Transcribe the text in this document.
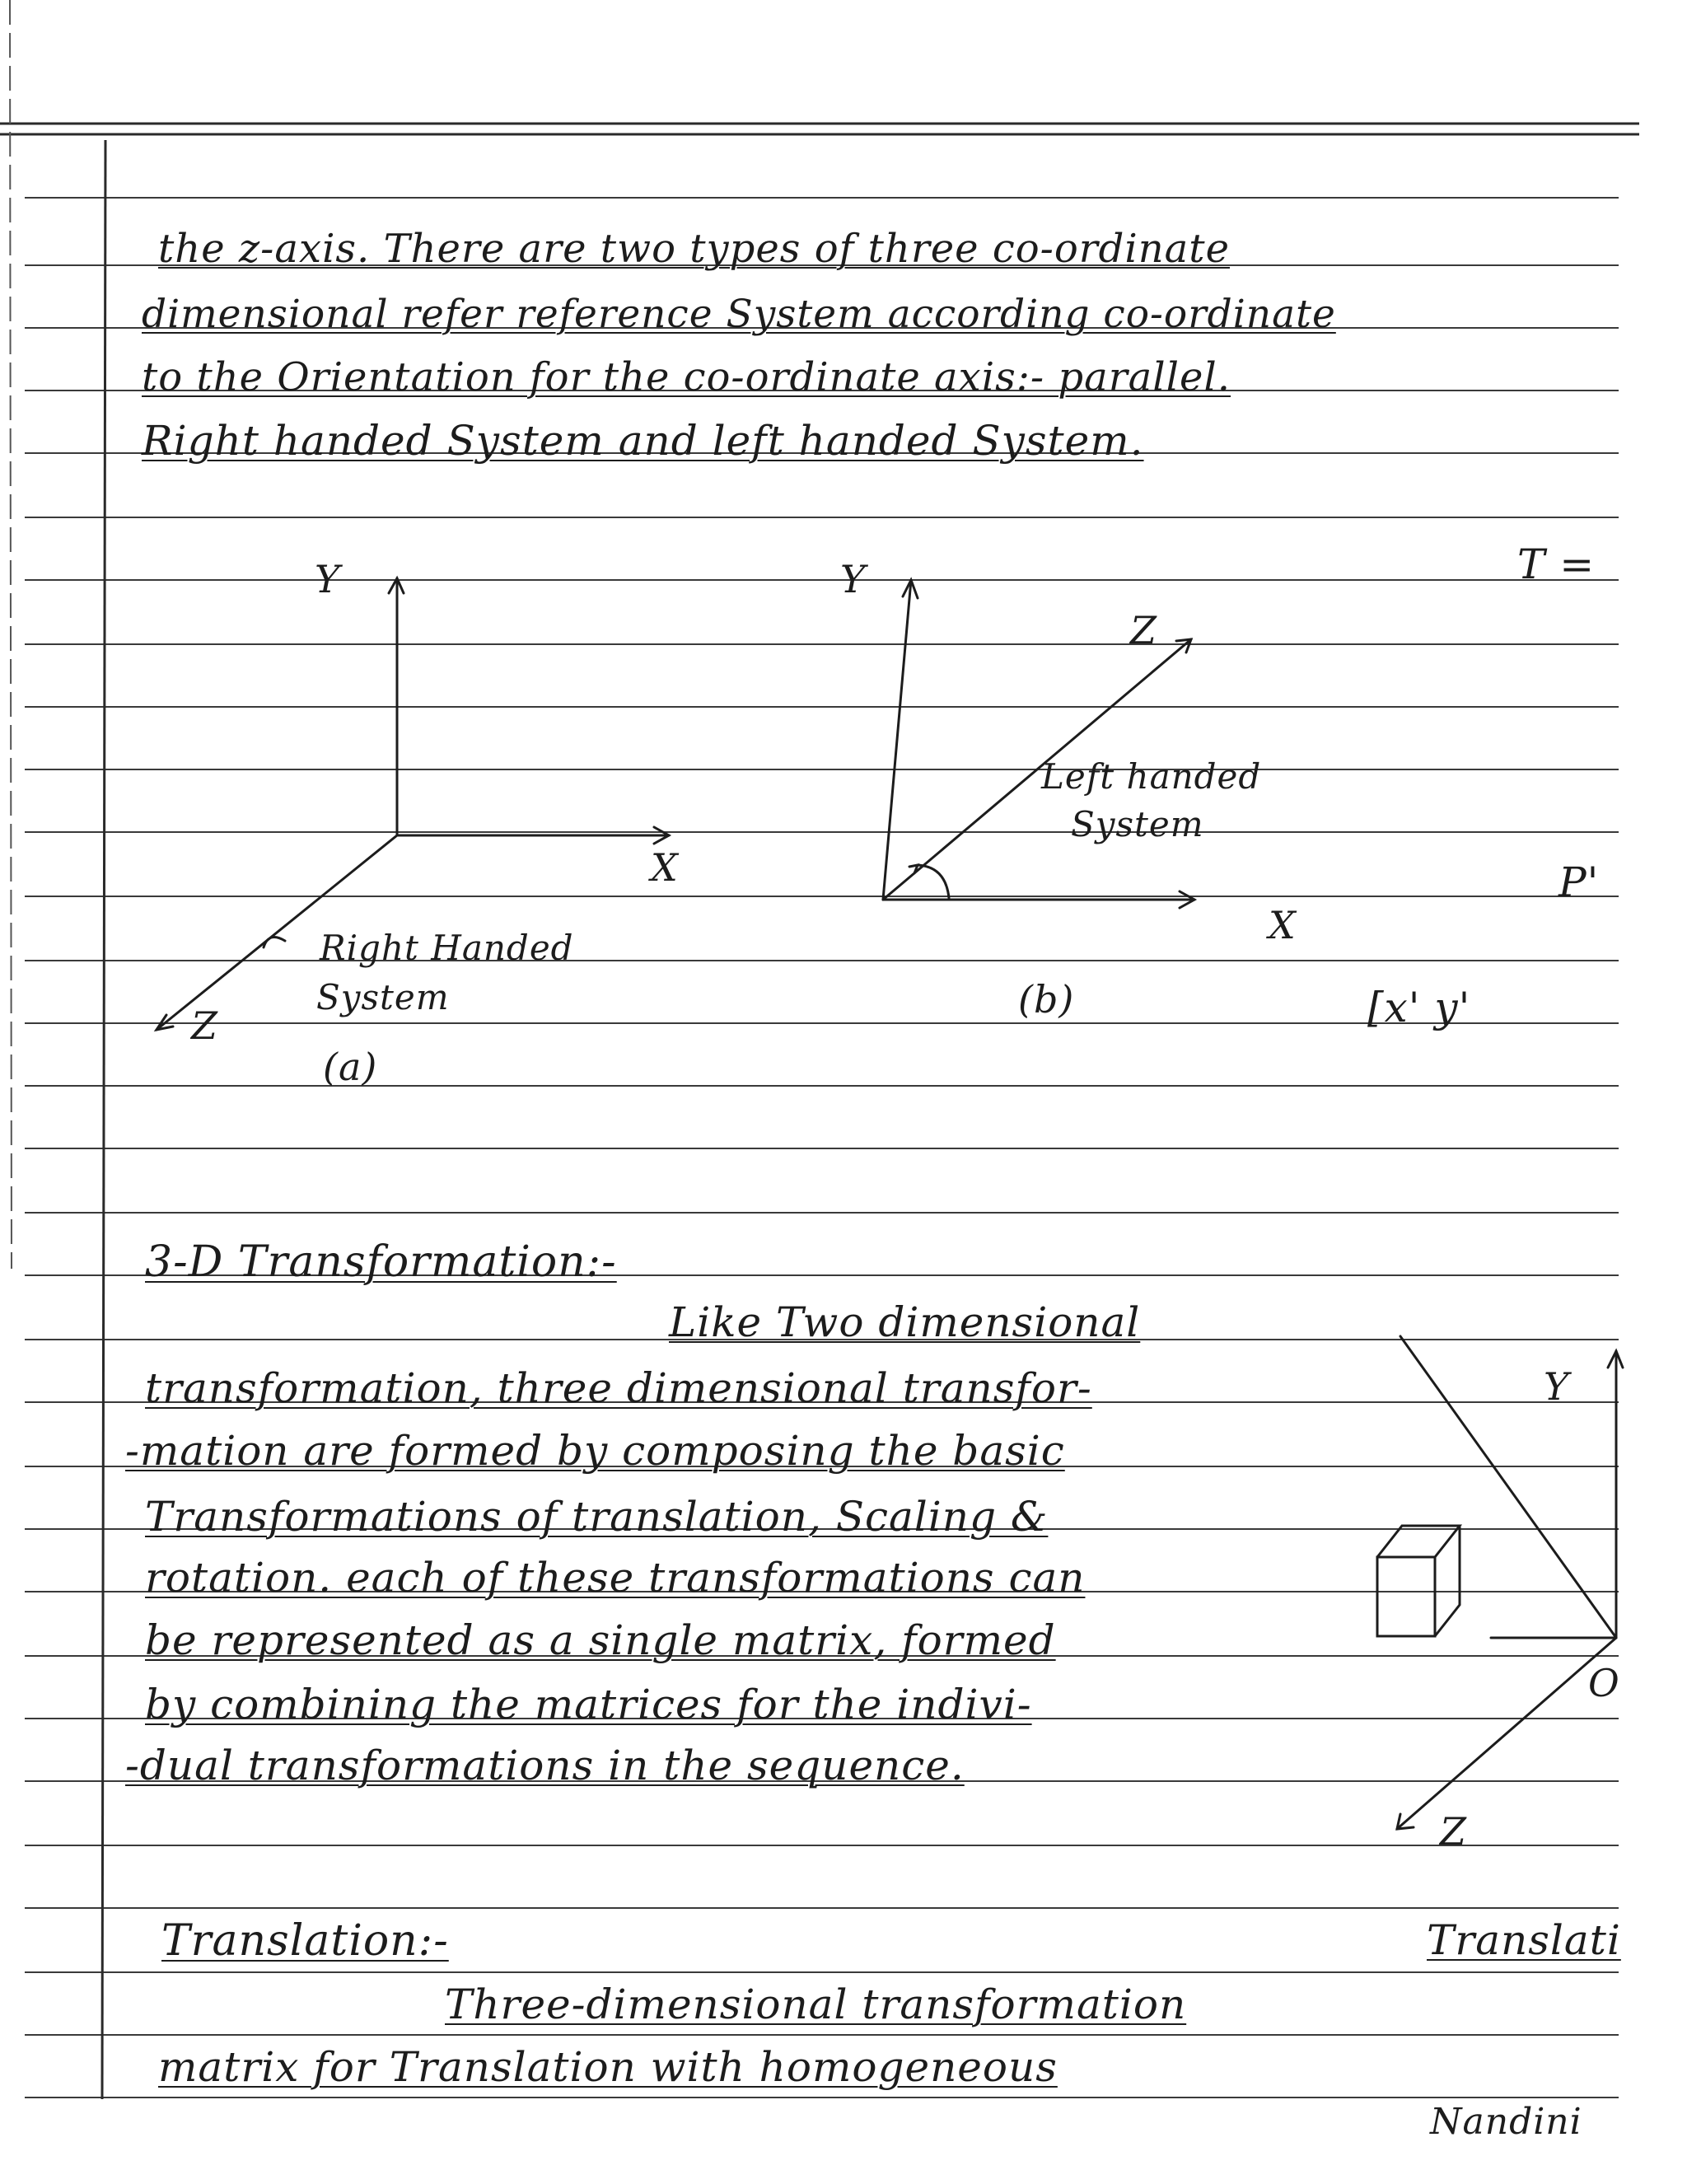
the z-axis. There are two types of three co-ordinate
dimensional refer reference System according co-ordinate
to the Orientation for the co-ordinate axis:- parallel.
Right handed System and left handed System.
T =
Y
X
Z
Right Handed
System
(a)
Y
Z
X
Left handed
System
(b)
P'
[x' y'
3-D Transformation:-
Like Two dimensional
transformation, three dimensional transfor-
-mation are formed by composing the basic
Transformations of translation, Scaling &
rotation. each of these transformations can
be represented as a single matrix, formed
by combining the matrices for the indivi-
-dual transformations in the sequence.
Y
O
Z
Translation:-	Translati
Three-dimensional transformation
matrix for Translation with homogeneous
Nandini
